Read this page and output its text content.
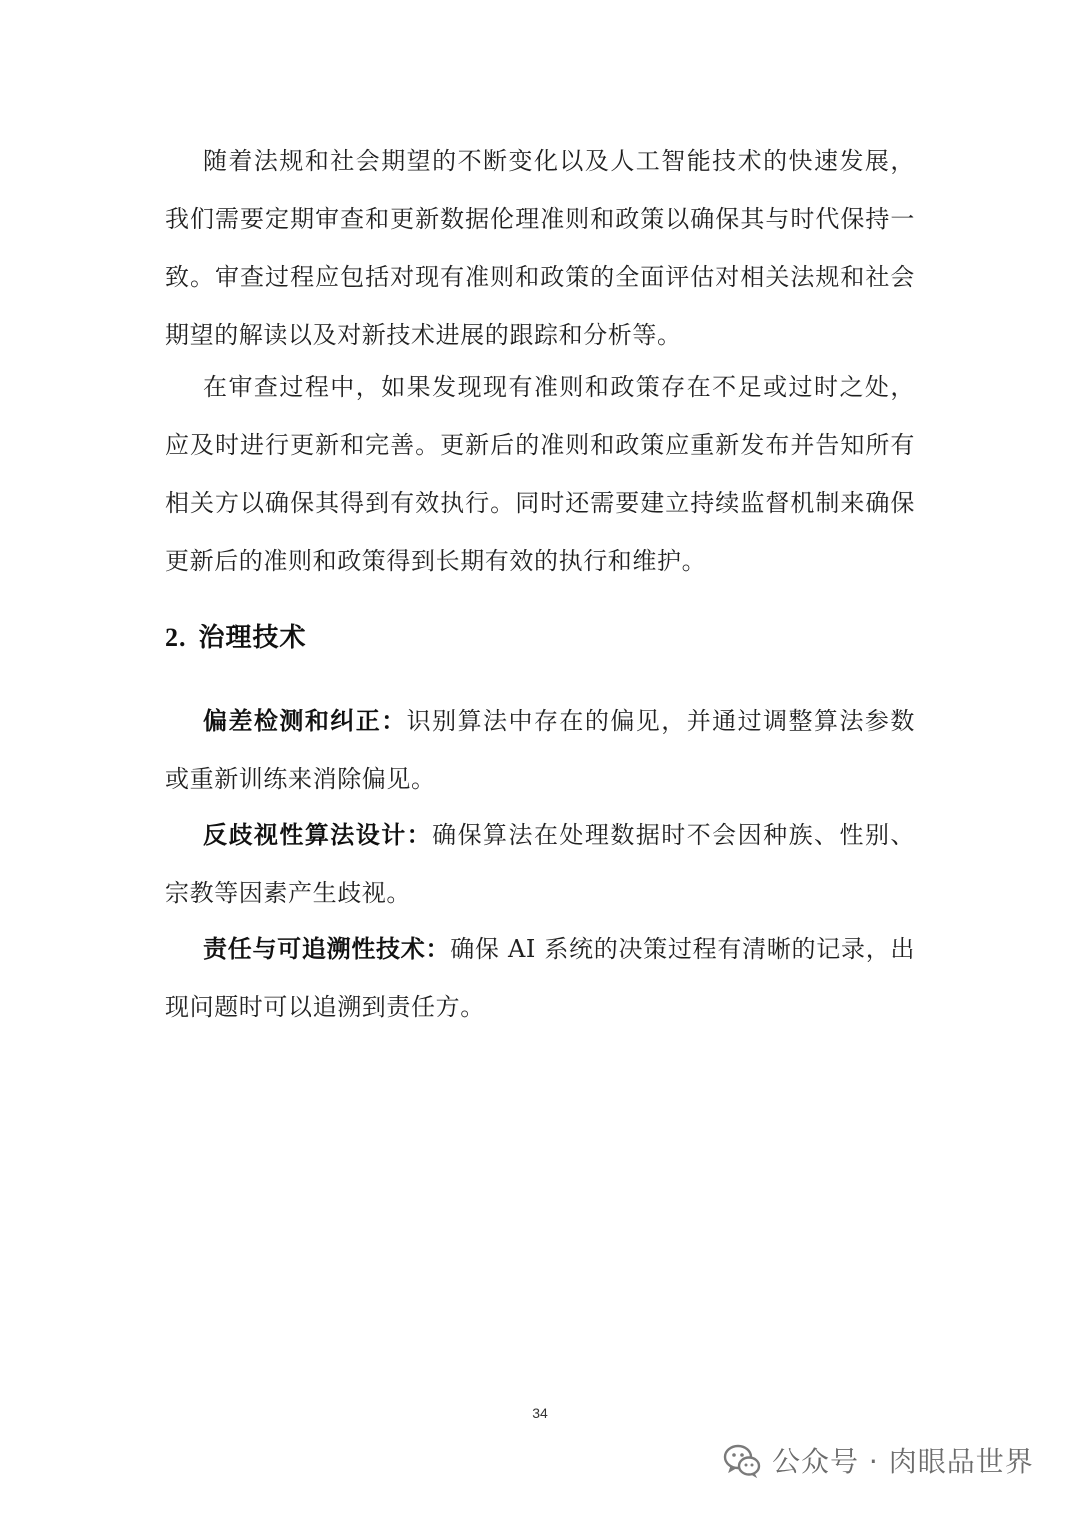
随着法规和社会期望的不断变化以及人工智能技术的快速发展，我们需要定期审查和更新数据伦理准则和政策以确保其与时代保持一致。审查过程应包括对现有准则和政策的全面评估对相关法规和社会期望的解读以及对新技术进展的跟踪和分析等。

在审查过程中，如果发现现有准则和政策存在不足或过时之处，应及时进行更新和完善。更新后的准则和政策应重新发布并告知所有相关方以确保其得到有效执行。同时还需要建立持续监督机制来确保更新后的准则和政策得到长期有效的执行和维护。

2. 治理技术

偏差检测和纠正：识别算法中存在的偏见，并通过调整算法参数或重新训练来消除偏见。

反歧视性算法设计：确保算法在处理数据时不会因种族、性别、宗教等因素产生歧视。

责任与可追溯性技术：确保 AI 系统的决策过程有清晰的记录，出现问题时可以追溯到责任方。

34
公众号 · 肉眼品世界
